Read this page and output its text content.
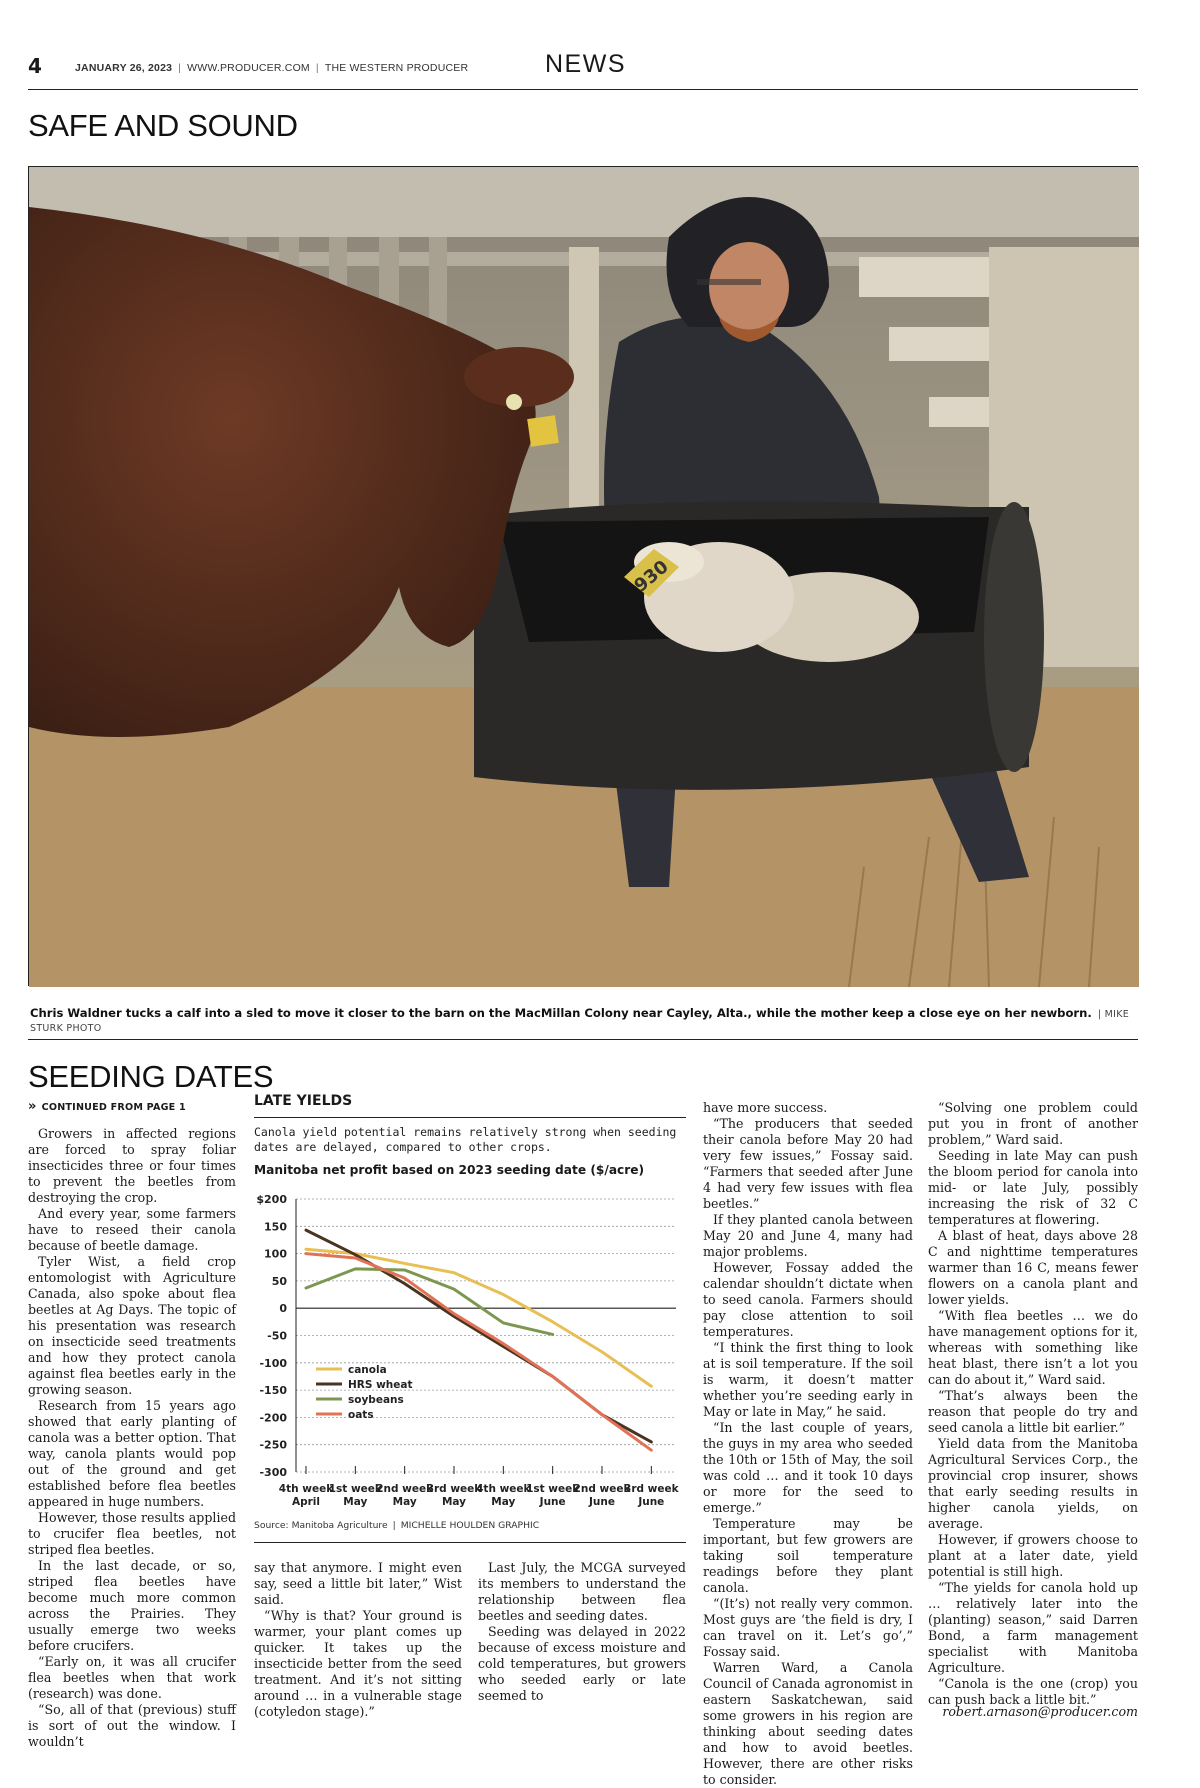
4	JANUARY 26, 2023 | WWW.PRODUCER.COM | THE WESTERN PRODUCER	NEWS
SAFE AND SOUND
930
Chris Waldner tucks a calf into a sled to move it closer to the barn on the MacMillan Colony near Cayley, Alta., while the mother keep a close eye on her newborn. | MIKE STURK PHOTO
SEEDING DATES
» CONTINUED FROM PAGE 1

Growers in affected regions are forced to spray foliar insecticides three or four times to prevent the beetles from destroying the crop.

And every year, some farmers have to reseed their canola because of beetle damage.

Tyler Wist, a field crop entomologist with Agriculture Canada, also spoke about flea beetles at Ag Days. The topic of his presentation was research on insecticide seed treatments and how they protect canola against flea beetles early in the growing season.

Research from 15 years ago showed that early planting of canola was a better option. That way, canola plants would pop out of the ground and get established before flea beetles appeared in huge numbers.

However, those results applied to crucifer flea beetles, not striped flea beetles.

In the last decade, or so, striped flea beetles have become much more common across the Prairies. They usually emerge two weeks before crucifers.

“Early on, it was all crucifer flea beetles when that work (research) was done.

“So, all of that (previous) stuff is sort of out the window. I wouldn’t

say that anymore. I might even say, seed a little bit later,” Wist said.

“Why is that? Your ground is warmer, your plant comes up quicker. It takes up the insecticide better from the seed treatment. And it’s not sitting around … in a vulnerable stage (cotyledon stage).”

Last July, the MCGA surveyed its members to understand the relationship between flea beetles and seeding dates.

Seeding was delayed in 2022 because of excess moisture and cold temperatures, but growers who seeded early or late seemed to

have more success.

“The producers that seeded their canola before May 20 had very few issues,” Fossay said. “Farmers that seeded after June 4 had very few issues with flea beetles.”

If they planted canola between May 20 and June 4, many had major problems.

However, Fossay added the calendar shouldn’t dictate when to seed canola. Farmers should pay close attention to soil temperatures.

“I think the first thing to look at is soil temperature. If the soil is warm, it doesn’t matter whether you’re seeding early in May or late in May,” he said.

“In the last couple of years, the guys in my area who seeded the 10th or 15th of May, the soil was cold … and it took 10 days or more for the seed to emerge.”

Temperature may be important, but few growers are taking soil temperature readings before they plant canola.

“(It’s) not really very common. Most guys are ‘the field is dry, I can travel on it. Let’s go’,” Fossay said.

Warren Ward, a Canola Council of Canada agronomist in eastern Saskatchewan, said some growers in his region are thinking about seeding dates and how to avoid beetles. However, there are other risks to consider.

“Solving one problem could put you in front of another problem,” Ward said.

Seeding in late May can push the bloom period for canola into mid- or late July, possibly increasing the risk of 32 C temperatures at flowering.

A blast of heat, days above 28 C and nighttime temperatures warmer than 16 C, means fewer flowers on a canola plant and lower yields.

“With flea beetles … we do have management options for it, whereas with something like heat blast, there isn’t a lot you can do about it,” Ward said.

“That’s always been the reason that people do try and seed canola a little bit earlier.”

Yield data from the Manitoba Agricultural Services Corp., the provincial crop insurer, shows that early seeding results in higher canola yields, on average.

However, if growers choose to plant at a later date, yield potential is still high.

“The yields for canola hold up … relatively later into the (planting) season,” said Darren Bond, a farm management specialist with Manitoba Agriculture.

“Canola is the one (crop) you can push back a little bit.”

robert.arnason@producer.com
LATE YIELDS
Canola yield potential remains relatively strong when seeding dates are delayed, compared to other crops.
Manitoba net profit based on 2023 seeding date ($/acre)
$200
150
100
50
0
-50
-100
-150
-200
-250
-300
4th week
April
1st week
May
2nd week
May
3rd week
May
4th week
May
1st week
June
2nd week
June
3rd week
June
canola
HRS wheat
soybeans
oats
Source: Manitoba Agriculture | MICHELLE HOULDEN GRAPHIC
